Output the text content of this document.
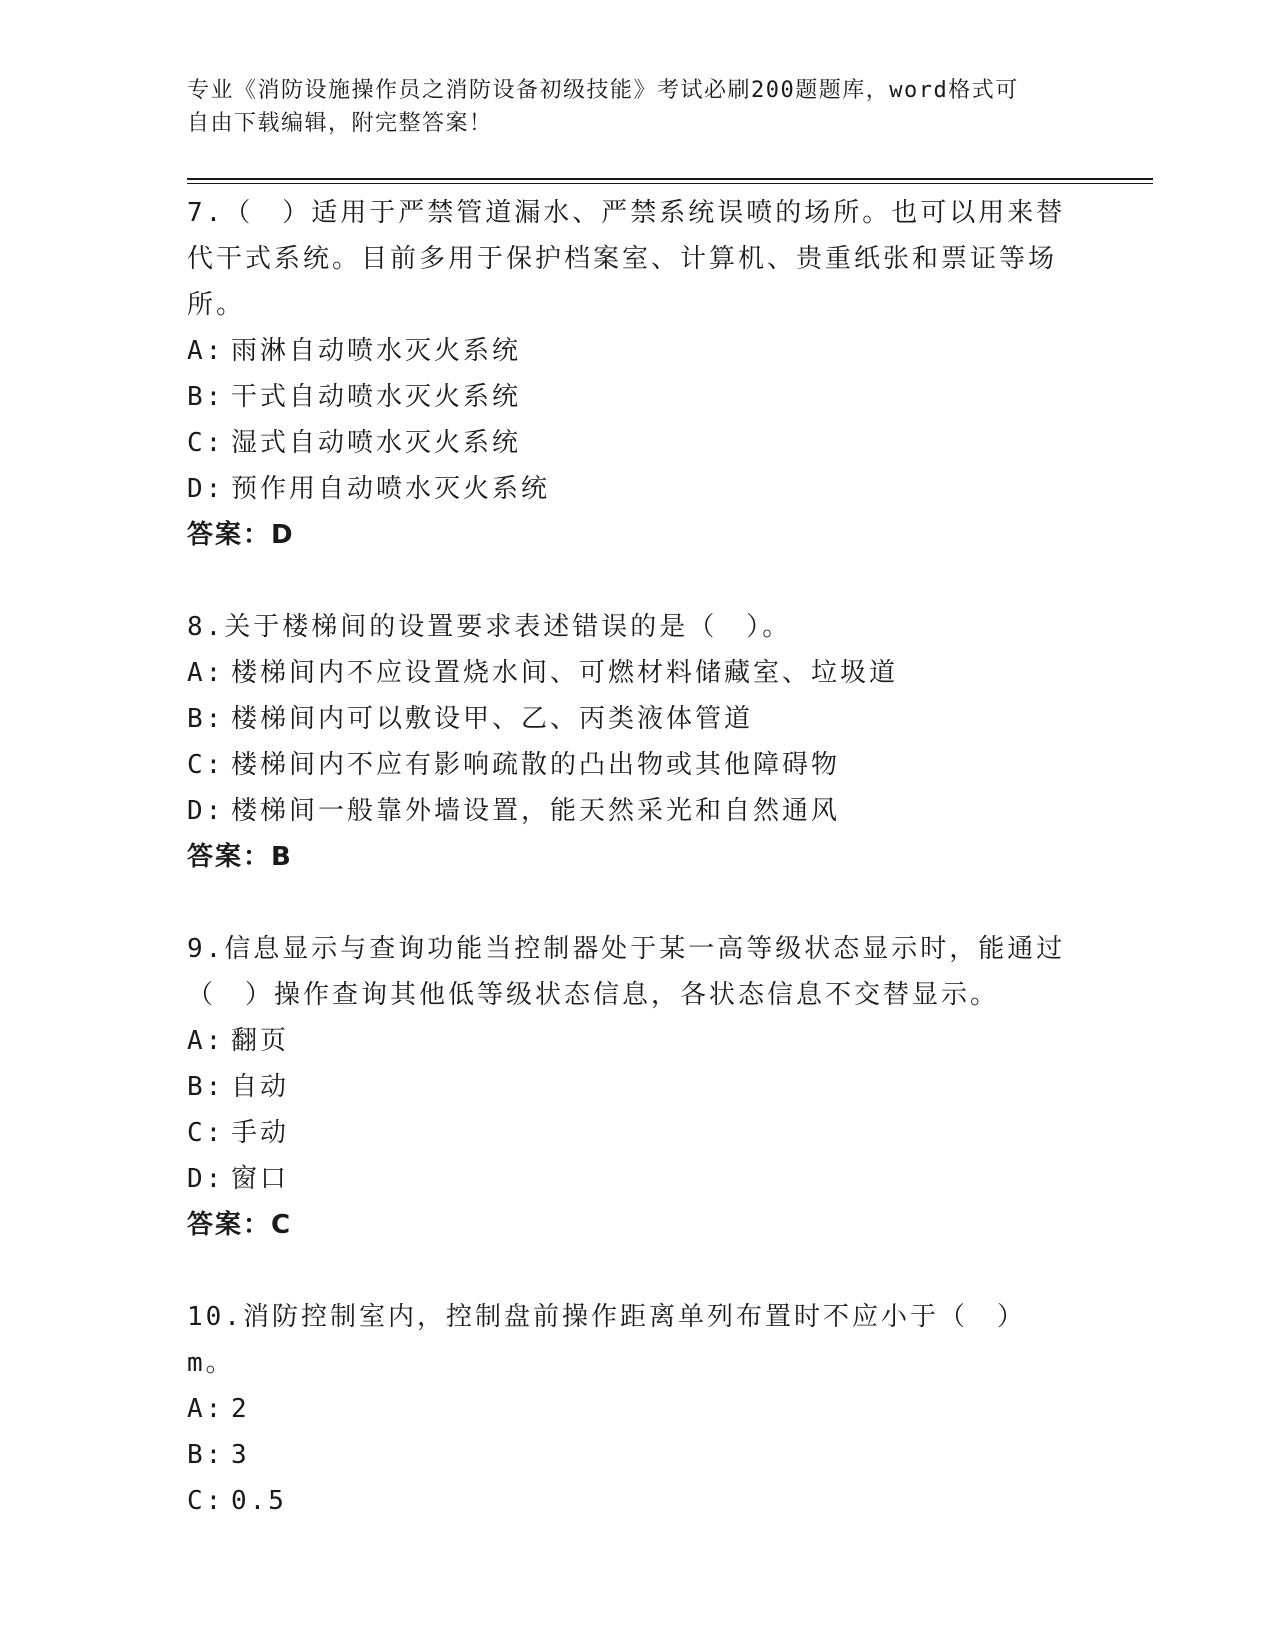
专业《消防设施操作员之消防设备初级技能》考试必刷200题题库，word格式可
自由下载编辑，附完整答案！
7.（　）适用于严禁管道漏水、严禁系统误喷的场所。也可以用来替代干式系统。目前多用于保护档案室、计算机、贵重纸张和票证等场所。
A: 雨淋自动喷水灭火系统
B: 干式自动喷水灭火系统
C: 湿式自动喷水灭火系统
D: 预作用自动喷水灭火系统
答案：D
8.关于楼梯间的设置要求表述错误的是（　）。
A: 楼梯间内不应设置烧水间、可燃材料储藏室、垃圾道
B: 楼梯间内可以敷设甲、乙、丙类液体管道
C: 楼梯间内不应有影响疏散的凸出物或其他障碍物
D: 楼梯间一般靠外墙设置，能天然采光和自然通风
答案：B
9.信息显示与查询功能当控制器处于某一高等级状态显示时，能通过（　）操作查询其他低等级状态信息，各状态信息不交替显示。
A: 翻页
B: 自动
C: 手动
D: 窗口
答案：C
10.消防控制室内，控制盘前操作距离单列布置时不应小于（　）m。
A: 2
B: 3
C: 0.5
